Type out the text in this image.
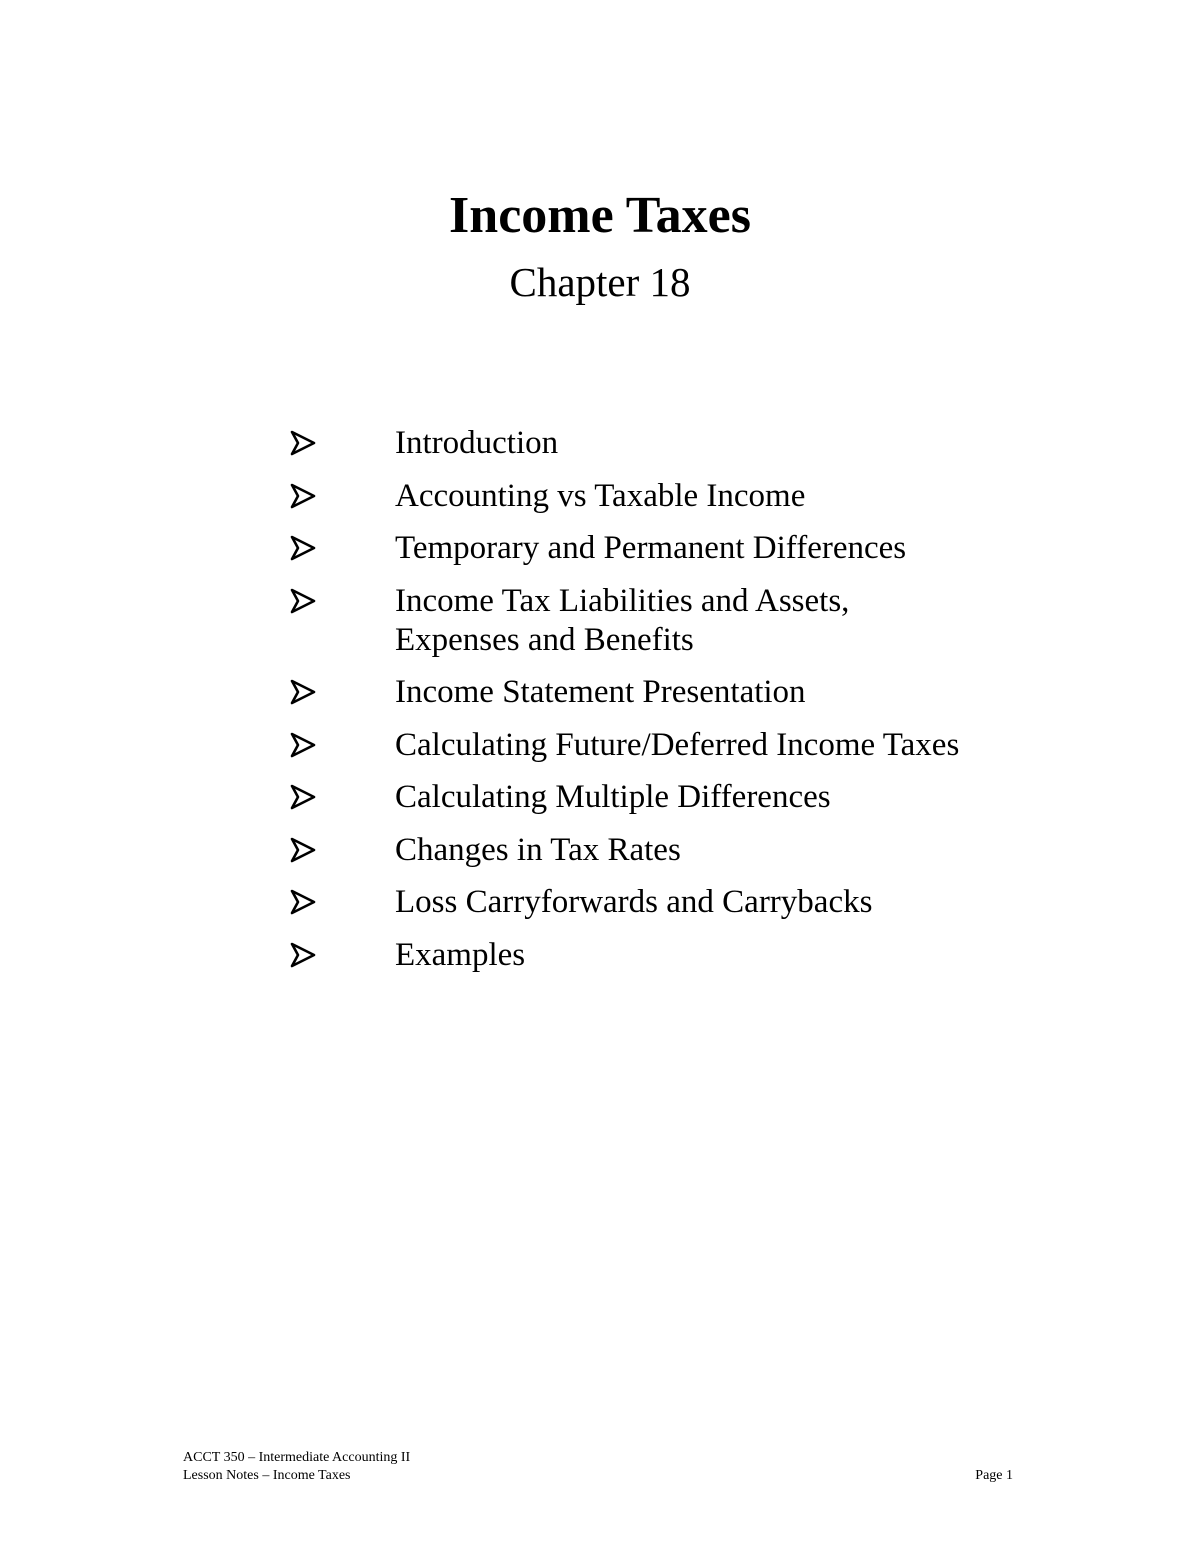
Income Taxes
Chapter 18
Introduction
Accounting vs Taxable Income
Temporary and Permanent Differences
Income Tax Liabilities and Assets,
Expenses and Benefits
Income Statement Presentation
Calculating Future/Deferred Income Taxes
Calculating Multiple Differences
Changes in Tax Rates
Loss Carryforwards and Carrybacks
Examples
ACCT 350 – Intermediate Accounting II
Lesson Notes – Income Taxes	Page 1
